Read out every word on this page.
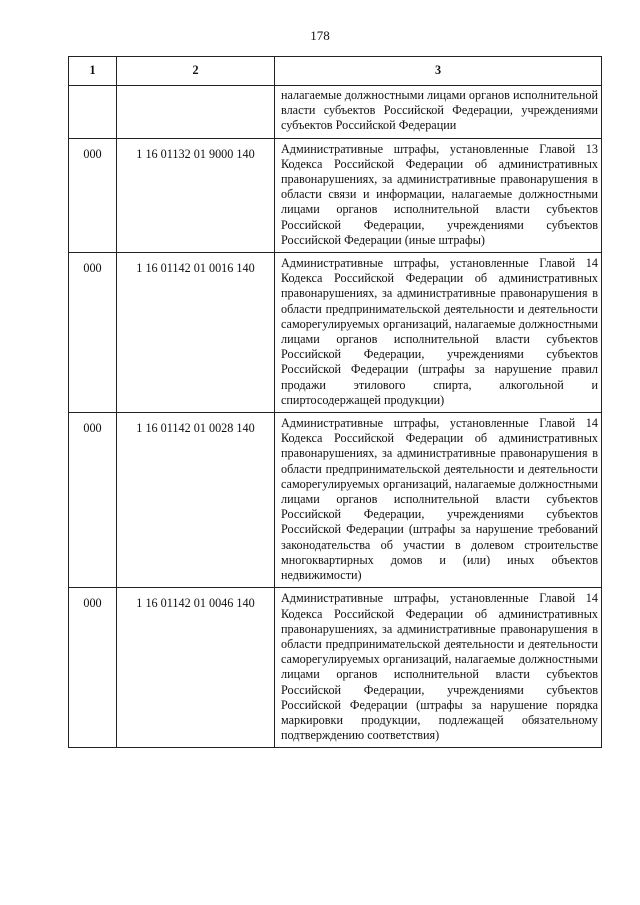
178
1	2	3
		налагаемые должностными лицами органов исполнительной власти субъектов Российской Федерации, учреждениями субъектов Российской Федерации
000	1 16 01132 01 9000 140	Административные штрафы, установленные Главой 13 Кодекса Российской Федерации об административных правонарушениях, за административные правонарушения в области связи и информации, налагаемые должностными лицами органов исполнительной власти субъектов Российской Федерации, учреждениями субъектов Российской Федерации (иные штрафы)
000	1 16 01142 01 0016 140	Административные штрафы, установленные Главой 14 Кодекса Российской Федерации об административных правонарушениях, за административные правонарушения в области предпринимательской деятельности и деятельности саморегулируемых организаций, налагаемые должностными лицами органов исполнительной власти субъектов Российской Федерации, учреждениями субъектов Российской Федерации (штрафы за нарушение правил продажи этилового спирта, алкогольной и спиртосодержащей продукции)
000	1 16 01142 01 0028 140	Административные штрафы, установленные Главой 14 Кодекса Российской Федерации об административных правонарушениях, за административные правонарушения в области предпринимательской деятельности и деятельности саморегулируемых организаций, налагаемые должностными лицами органов исполнительной власти субъектов Российской Федерации, учреждениями субъектов Российской Федерации (штрафы за нарушение требований законодательства об участии в долевом строительстве многоквартирных домов и (или) иных объектов недвижимости)
000	1 16 01142 01 0046 140	Административные штрафы, установленные Главой 14 Кодекса Российской Федерации об административных правонарушениях, за административные правонарушения в области предпринимательской деятельности и деятельности саморегулируемых организаций, налагаемые должностными лицами органов исполнительной власти субъектов Российской Федерации, учреждениями субъектов Российской Федерации (штрафы за нарушение порядка маркировки продукции, подлежащей обязательному подтверждению соответствия)
